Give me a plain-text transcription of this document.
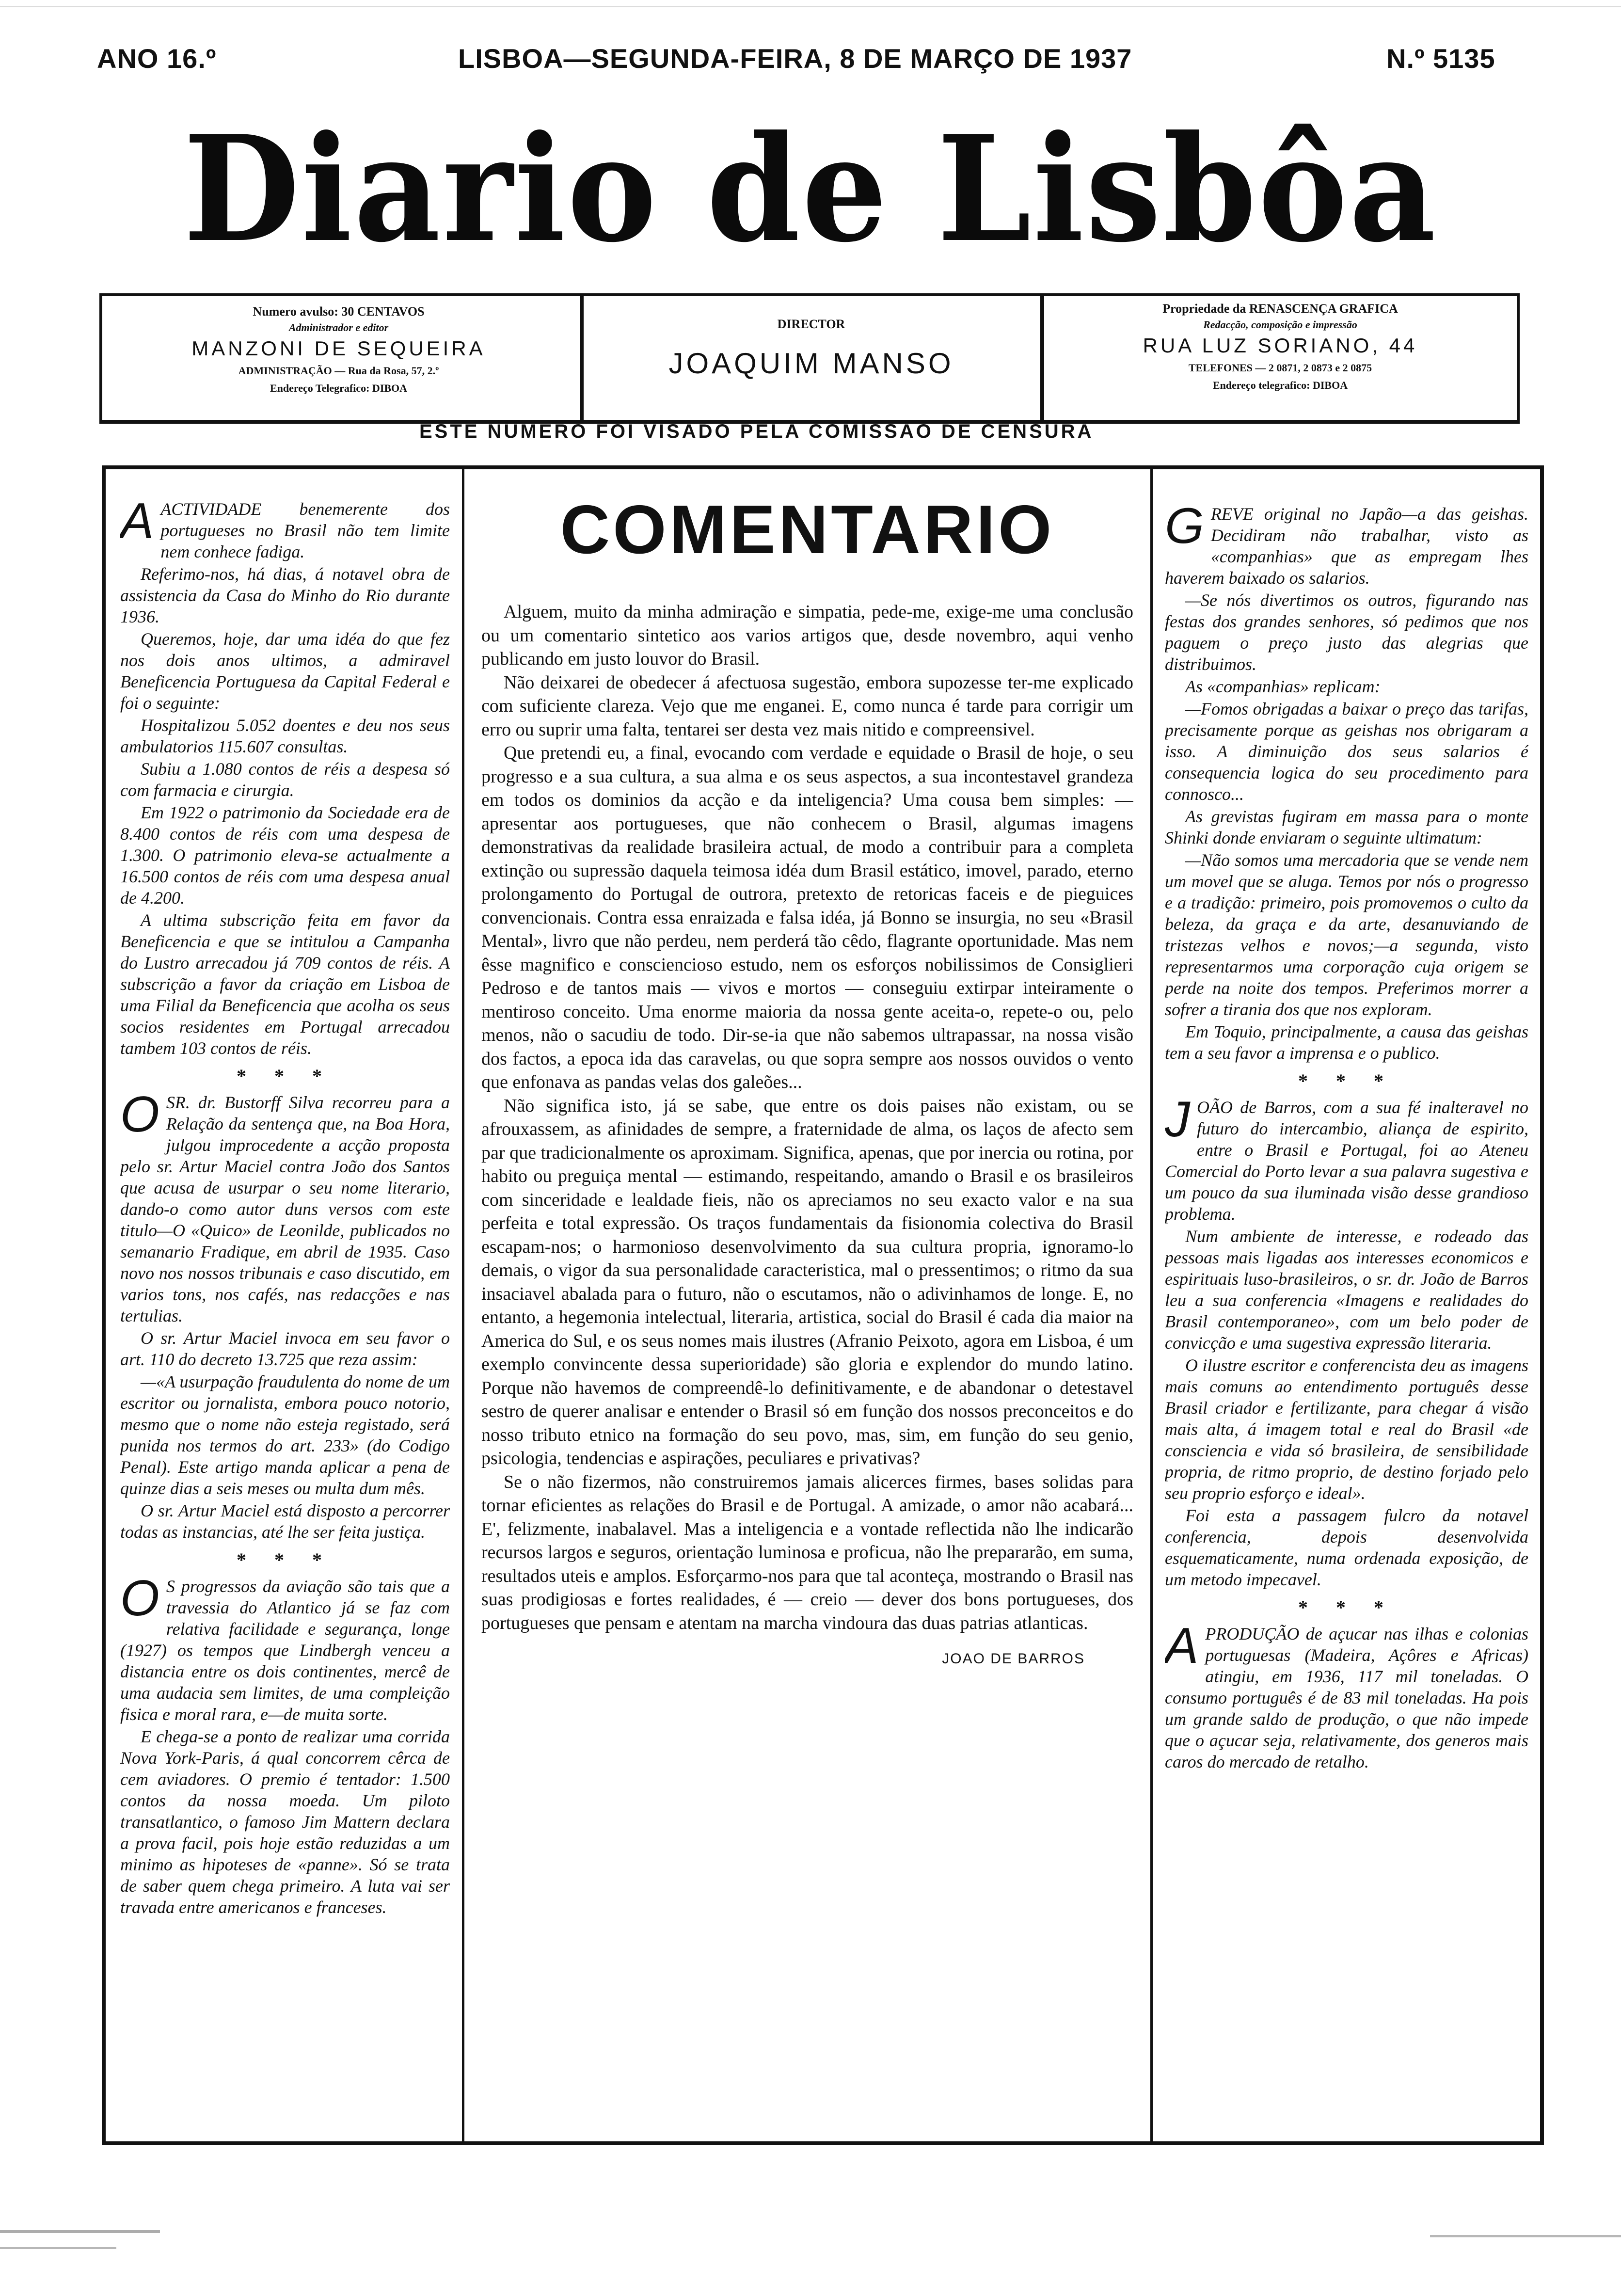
ANO 16.º	LISBOA—SEGUNDA-FEIRA, 8 DE MARÇO DE 1937	N.º 5135
Diario de Lisbôa
Numero avulso: 30 CENTAVOS
Administrador e editor
MANZONI DE SEQUEIRA
ADMINISTRAÇÃO — Rua da Rosa, 57, 2.º
Endereço Telegrafico: DIBOA
DIRECTOR
JOAQUIM MANSO
Propriedade da RENASCENÇA GRAFICA
Redacção, composição e impressão
RUA LUZ SORIANO, 44
TELEFONES — 2 0871, 2 0873 e 2 0875
Endereço telegrafico: DIBOA
ESTE NUMERO FOI VISADO PELA COMISSAO DE CENSURA

AACTIVIDADE benemerente dos portugueses no Brasil não tem limite nem conhece fadiga.

Referimo-nos, há dias, á notavel obra de assistencia da Casa do Minho do Rio durante 1936.

Queremos, hoje, dar uma idéa do que fez nos dois anos ultimos, a admiravel Beneficencia Portuguesa da Capital Federal e foi o seguinte:

Hospitalizou 5.052 doentes e deu nos seus ambulatorios 115.607 consultas.

Subiu a 1.080 contos de réis a despesa só com farmacia e cirurgia.

Em 1922 o patrimonio da Sociedade era de 8.400 contos de réis com uma despesa de 1.300. O patrimonio eleva-se actualmente a 16.500 contos de réis com uma despesa anual de 4.200.

A ultima subscrição feita em favor da Beneficencia e que se intitulou a Campanha do Lustro arrecadou já 709 contos de réis. A subscrição a favor da criação em Lisboa de uma Filial da Beneficencia que acolha os seus socios residentes em Portugal arrecadou tambem 103 contos de réis.

* * *

OSR. dr. Bustorff Silva recorreu para a Relação da sentença que, na Boa Hora, julgou improcedente a acção proposta pelo sr. Artur Maciel contra João dos Santos que acusa de usurpar o seu nome literario, dando-o como autor duns versos com este titulo—O «Quico» de Leonilde, publicados no semanario Fradique, em abril de 1935. Caso novo nos nossos tribunais e caso discutido, em varios tons, nos cafés, nas redacções e nas tertulias.

O sr. Artur Maciel invoca em seu favor o art. 110 do decreto 13.725 que reza assim:

—«A usurpação fraudulenta do nome de um escritor ou jornalista, embora pouco notorio, mesmo que o nome não esteja registado, será punida nos termos do art. 233» (do Codigo Penal). Este artigo manda aplicar a pena de quinze dias a seis meses ou multa dum mês.

O sr. Artur Maciel está disposto a percorrer todas as instancias, até lhe ser feita justiça.

* * *

O S progressos da aviação são tais que a travessia do Atlantico já se faz com relativa facilidade e segurança, longe (1927) os tempos que Lindbergh venceu a distancia entre os dois continentes, mercê de uma audacia sem limites, de uma compleição fisica e moral rara, e—de muita sorte.

E chega-se a ponto de realizar uma corrida Nova York-Paris, á qual concorrem cêrca de cem aviadores. O premio é tentador: 1.500 contos da nossa moeda. Um piloto transatlantico, o famoso Jim Mattern declara a prova facil, pois hoje estão reduzidas a um minimo as hipoteses de «panne». Só se trata de saber quem chega primeiro. A luta vai ser travada entre americanos e franceses.

COMENTARIO

Alguem, muito da minha admiração e simpatia, pede-me, exige-me uma conclusão ou um comentario sintetico aos varios artigos que, desde novembro, aqui venho publicando em justo louvor do Brasil.

Não deixarei de obedecer á afectuosa sugestão, embora supozesse ter-me explicado com suficiente clareza. Vejo que me enganei. E, como nunca é tarde para corrigir um erro ou suprir uma falta, tentarei ser desta vez mais nitido e compreensivel.

Que pretendi eu, a final, evocando com verdade e equidade o Brasil de hoje, o seu progresso e a sua cultura, a sua alma e os seus aspectos, a sua incontestavel grandeza em todos os dominios da acção e da inteligencia? Uma cousa bem simples: — apresentar aos portugueses, que não conhecem o Brasil, algumas imagens demonstrativas da realidade brasileira actual, de modo a contribuir para a completa extinção ou supressão daquela teimosa idéa dum Brasil estático, imovel, parado, eterno prolongamento do Portugal de outrora, pretexto de retoricas faceis e de pieguices convencionais. Contra essa enraizada e falsa idéa, já Bonno se insurgia, no seu «Brasil Mental», livro que não perdeu, nem perderá tão cêdo, flagrante oportunidade. Mas nem êsse magnifico e consciencioso estudo, nem os esforços nobilissimos de Consiglieri Pedroso e de tantos mais — vivos e mortos — conseguiu extirpar inteiramente o mentiroso conceito. Uma enorme maioria da nossa gente aceita-o, repete-o ou, pelo menos, não o sacudiu de todo. Dir-se-ia que não sabemos ultrapassar, na nossa visão dos factos, a epoca ida das caravelas, ou que sopra sempre aos nossos ouvidos o vento que enfonava as pandas velas dos galeões...

Não significa isto, já se sabe, que entre os dois paises não existam, ou se afrouxassem, as afinidades de sempre, a fraternidade de alma, os laços de afecto sem par que tradicionalmente os aproximam. Significa, apenas, que por inercia ou rotina, por habito ou preguiça mental — estimando, respeitando, amando o Brasil e os brasileiros com sinceridade e lealdade fieis, não os apreciamos no seu exacto valor e na sua perfeita e total expressão. Os traços fundamentais da fisionomia colectiva do Brasil escapam-nos; o harmonioso desenvolvimento da sua cultura propria, ignoramo-lo demais, o vigor da sua personalidade caracteristica, mal o pressentimos; o ritmo da sua insaciavel abalada para o futuro, não o escutamos, não o adivinhamos de longe. E, no entanto, a hegemonia intelectual, literaria, artistica, social do Brasil é cada dia maior na America do Sul, e os seus nomes mais ilustres (Afranio Peixoto, agora em Lisboa, é um exemplo convincente dessa superioridade) são gloria e explendor do mundo latino. Porque não havemos de compreendê-lo definitivamente, e de abandonar o detestavel sestro de querer analisar e entender o Brasil só em função dos nossos preconceitos e do nosso tributo etnico na formação do seu povo, mas, sim, em função do seu genio, psicologia, tendencias e aspirações, peculiares e privativas?

Se o não fizermos, não construiremos jamais alicerces firmes, bases solidas para tornar eficientes as relações do Brasil e de Portugal. A amizade, o amor não acabará... E', felizmente, inabalavel. Mas a inteligencia e a vontade reflectida não lhe indicarão recursos largos e seguros, orientação luminosa e proficua, não lhe prepararão, em suma, resultados uteis e amplos. Esforçarmo-nos para que tal aconteça, mostrando o Brasil nas suas prodigiosas e fortes realidades, é — creio — dever dos bons portugueses, dos portugueses que pensam e atentam na marcha vindoura das duas patrias atlanticas.

JOAO DE BARROS

GREVE original no Japão—a das geishas. Decidiram não trabalhar, visto as «companhias» que as empregam lhes haverem baixado os salarios.

—Se nós divertimos os outros, figurando nas festas dos grandes senhores, só pedimos que nos paguem o preço justo das alegrias que distribuimos.

As «companhias» replicam:

—Fomos obrigadas a baixar o preço das tarifas, precisamente porque as geishas nos obrigaram a isso. A diminuição dos seus salarios é consequencia logica do seu procedimento para connosco...

As grevistas fugiram em massa para o monte Shinki donde enviaram o seguinte ultimatum:

—Não somos uma mercadoria que se vende nem um movel que se aluga. Temos por nós o progresso e a tradição: primeiro, pois promovemos o culto da beleza, da graça e da arte, desanuviando de tristezas velhos e novos;—a segunda, visto representarmos uma corporação cuja origem se perde na noite dos tempos. Preferimos morrer a sofrer a tirania dos que nos exploram.

Em Toquio, principalmente, a causa das geishas tem a seu favor a imprensa e o publico.

* * *

JOÃO de Barros, com a sua fé inalteravel no futuro do intercambio, aliança de espirito, entre o Brasil e Portugal, foi ao Ateneu Comercial do Porto levar a sua palavra sugestiva e um pouco da sua iluminada visão desse grandioso problema.

Num ambiente de interesse, e rodeado das pessoas mais ligadas aos interesses economicos e espirituais luso-brasileiros, o sr. dr. João de Barros leu a sua conferencia «Imagens e realidades do Brasil contemporaneo», com um belo poder de convicção e uma sugestiva expressão literaria.

O ilustre escritor e conferencista deu as imagens mais comuns ao entendimento português desse Brasil criador e fertilizante, para chegar á visão mais alta, á imagem total e real do Brasil «de consciencia e vida só brasileira, de sensibilidade propria, de ritmo proprio, de destino forjado pelo seu proprio esforço e ideal».

Foi esta a passagem fulcro da notavel conferencia, depois desenvolvida esquematicamente, numa ordenada exposição, de um metodo impecavel.

* * *

APRODUÇÃO de açucar nas ilhas e colonias portuguesas (Madeira, Açôres e Africas) atingiu, em 1936, 117 mil toneladas. O consumo português é de 83 mil toneladas. Ha pois um grande saldo de produção, o que não impede que o açucar seja, relativamente, dos generos mais caros do mercado de retalho.
